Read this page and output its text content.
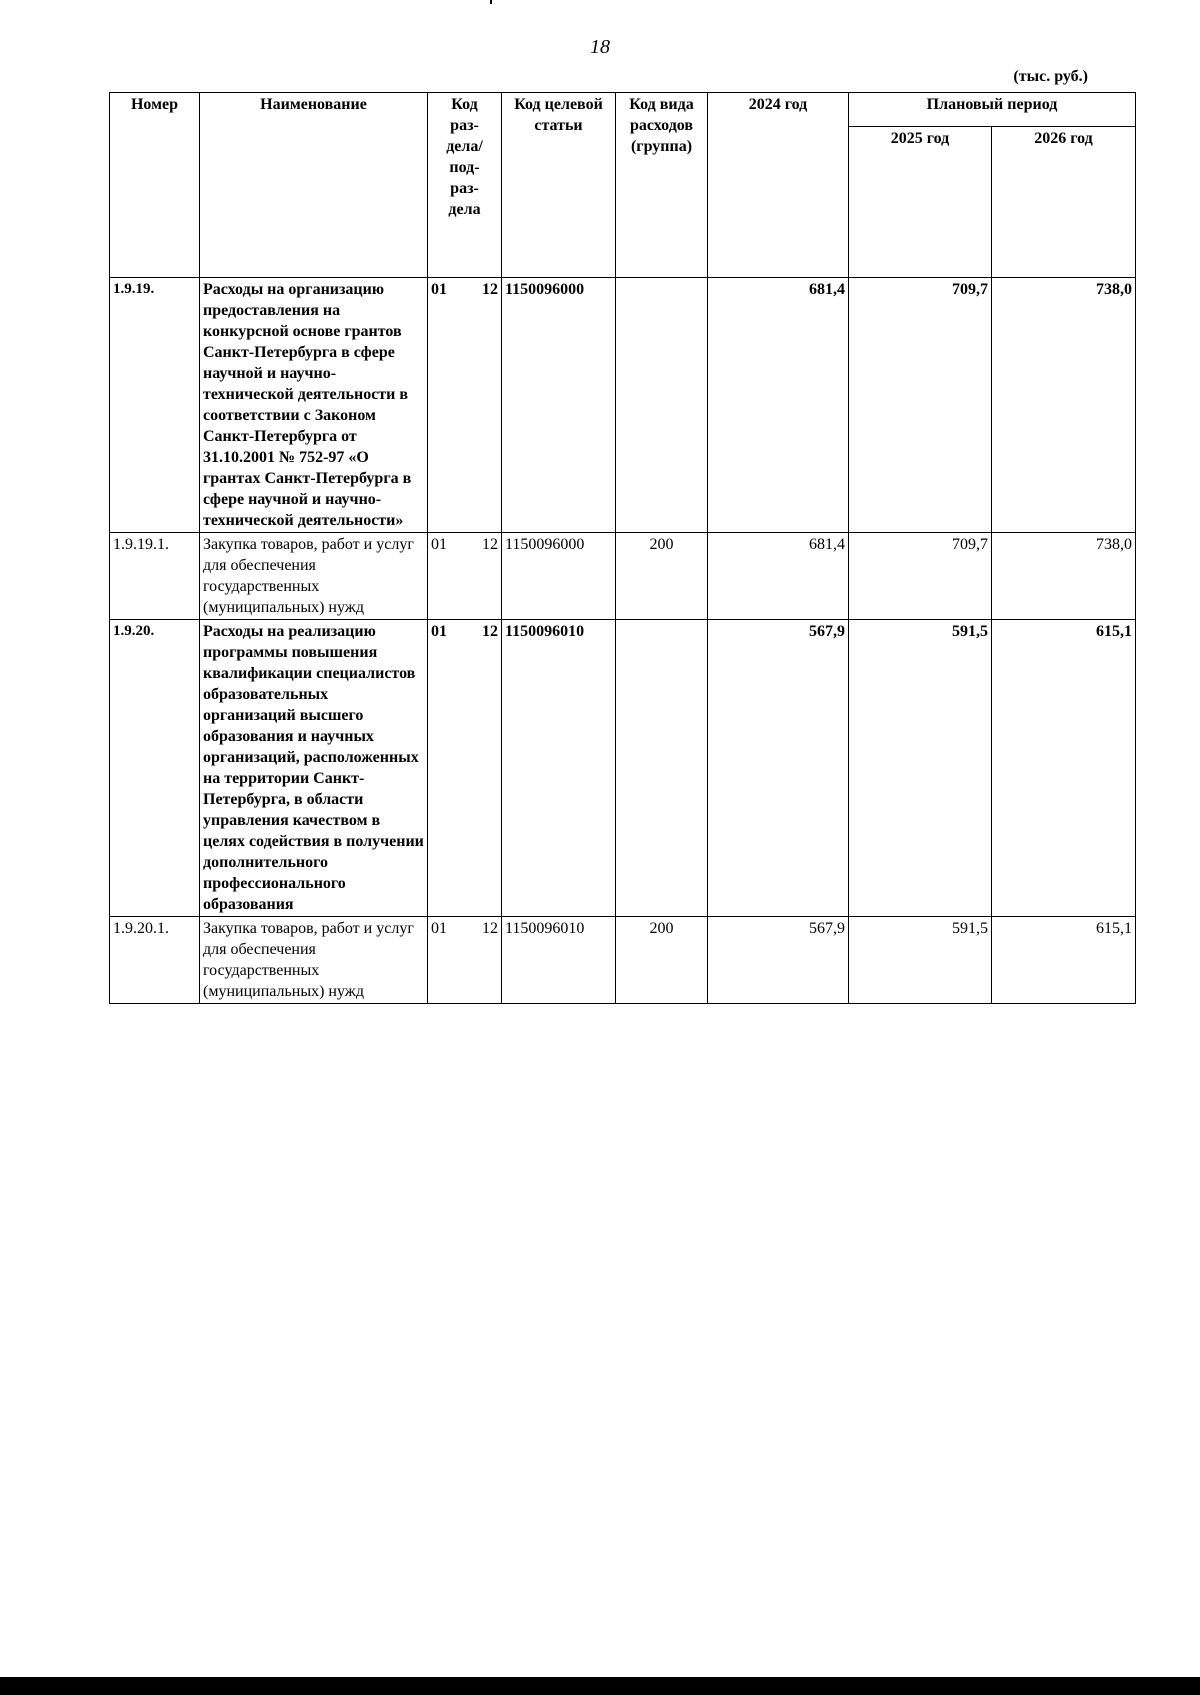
18
(тыс. руб.)
Номер	Наименование	Код раз-дела/ под-раз-дела	Код целевой статьи	Код вида расходов (группа)	2024 год	Плановый период	
						2025 год	2026 год
1.9.19.	Расходы на организацию предоставления на конкурсной основе грантов Санкт-Петербурга в сфере научной и научно-технической деятельности в соответствии с Законом Санкт-Петербурга от 31.10.2001 № 752-97 «О грантах Санкт-Петербурга в сфере научной и научно-технической деятельности»	01 12	1150096000		681,4	709,7	738,0
1.9.19.1.	Закупка товаров, работ и услуг для обеспечения государственных (муниципальных) нужд	01 12	1150096000	200	681,4	709,7	738,0
1.9.20.	Расходы на реализацию программы повышения квалификации специалистов образовательных организаций высшего образования и научных организаций, расположенных на территории Санкт-Петербурга, в области управления качеством в целях содействия в получении дополнительного профессионального образования	01 12	1150096010		567,9	591,5	615,1
1.9.20.1.	Закупка товаров, работ и услуг для обеспечения государственных (муниципальных) нужд	01 12	1150096010	200	567,9	591,5	615,1
